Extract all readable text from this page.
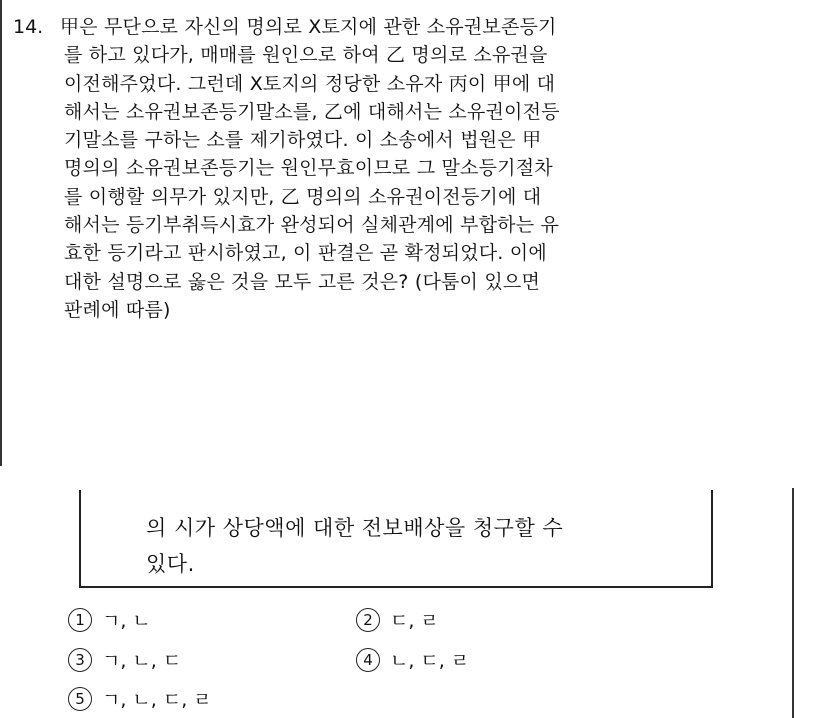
14. 甲은 무단으로 자신의 명의로 X토지에 관한 소유권보존등기
를 하고 있다가, 매매를 원인으로 하여 乙 명의로 소유권을
이전해주었다. 그런데 X토지의 정당한 소유자 丙이 甲에 대
해서는 소유권보존등기말소를, 乙에 대해서는 소유권이전등
기말소를 구하는 소를 제기하였다. 이 소송에서 법원은 甲
명의의 소유권보존등기는 원인무효이므로 그 말소등기절차
를 이행할 의무가 있지만, 乙 명의의 소유권이전등기에 대
해서는 등기부취득시효가 완성되어 실체관계에 부합하는 유
효한 등기라고 판시하였고, 이 판결은 곧 확정되었다. 이에
대한 설명으로 옳은 것을 모두 고른 것은? (다툼이 있으면
판례에 따름)
의 시가 상당액에 대한 전보배상을 청구할 수
있다.
1 ㄱ, ㄴ	2 ㄷ, ㄹ
3 ㄱ, ㄴ, ㄷ	4 ㄴ, ㄷ, ㄹ
5 ㄱ, ㄴ, ㄷ, ㄹ
